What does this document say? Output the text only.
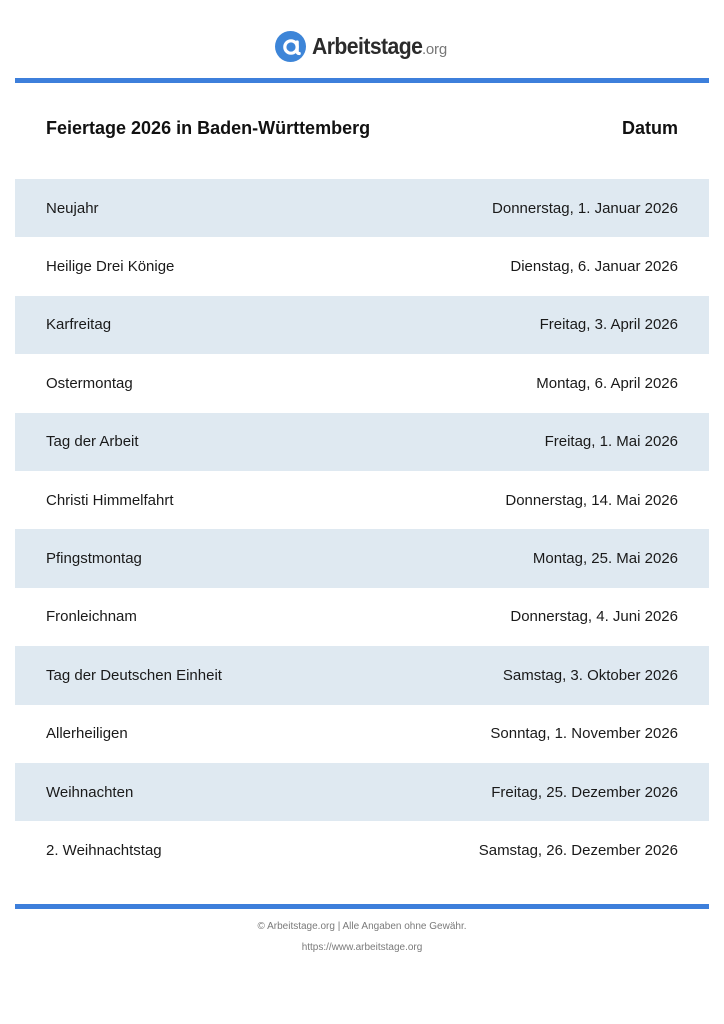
Arbeitstage .org
Feiertage 2026 in Baden-Württemberg	Datum
Neujahr	Donnerstag, 1. Januar 2026
Heilige Drei Könige	Dienstag, 6. Januar 2026
Karfreitag	Freitag, 3. April 2026
Ostermontag	Montag, 6. April 2026
Tag der Arbeit	Freitag, 1. Mai 2026
Christi Himmelfahrt	Donnerstag, 14. Mai 2026
Pfingstmontag	Montag, 25. Mai 2026
Fronleichnam	Donnerstag, 4. Juni 2026
Tag der Deutschen Einheit	Samstag, 3. Oktober 2026
Allerheiligen	Sonntag, 1. November 2026
Weihnachten	Freitag, 25. Dezember 2026
2. Weihnachtstag	Samstag, 26. Dezember 2026
© Arbeitstage.org | Alle Angaben ohne Gewähr.
https://www.arbeitstage.org
